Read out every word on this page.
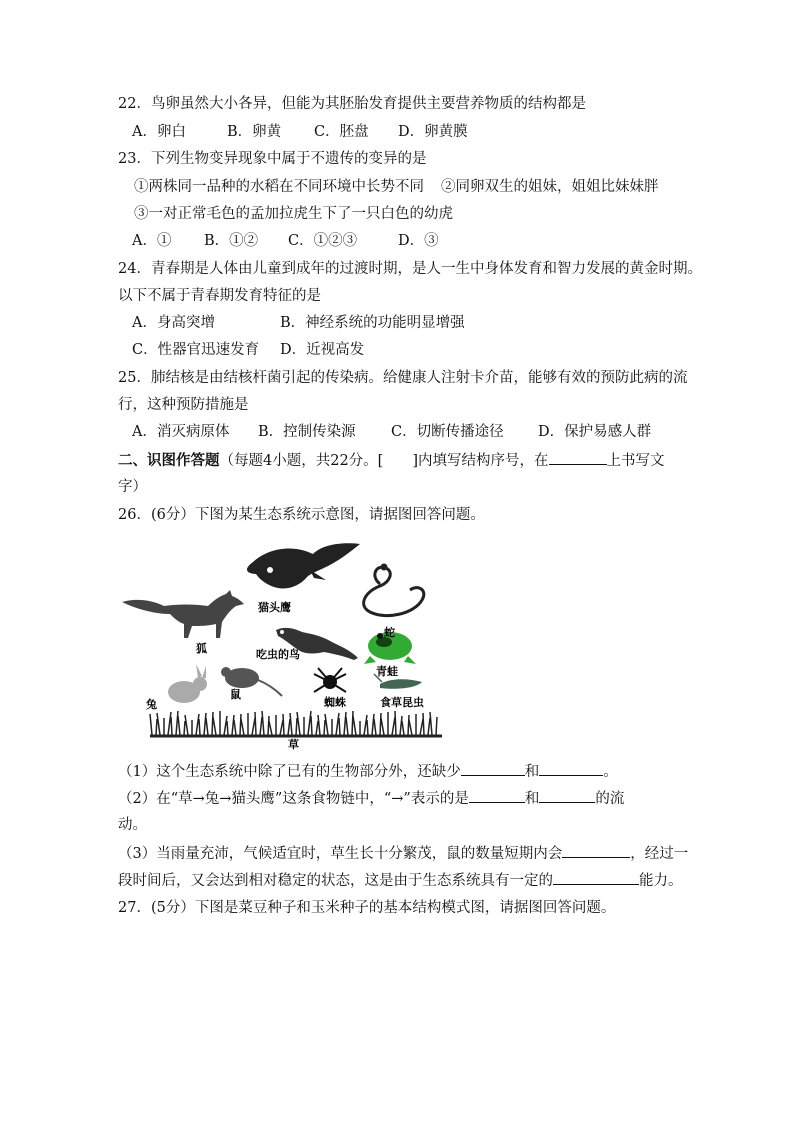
22．鸟卵虽然大小各异，但能为其胚胎发育提供主要营养物质的结构都是
A．卵白	B．卵黄 C．胚盘 D．卵黄膜
23．下列生物变异现象中属于不遗传的变异的是
①两株同一品种的水稻在不同环境中长势不同 ②同卵双生的姐妹，姐姐比妹妹胖
③一对正常毛色的孟加拉虎生下了一只白色的幼虎
A．① B．①② C．①②③	D．③
24．青春期是人体由儿童到成年的过渡时期，是人一生中身体发育和智力发展的黄金时期。
以下不属于青春期发育特征的是
A．身高突增	B．神经系统的功能明显增强
C．性器官迅速发育 D．近视高发
25．肺结核是由结核杆菌引起的传染病。给健康人注射卡介苗，能够有效的预防此病的流
行，这种预防措施是
A．消灭病原体 B．控制传染源 C．切断传播途径 D．保护易感人群
二、识图作答题（每题4小题，共22分。[　　]内填写结构序号，在	上书写文
字）
26．(6分）下图为某生态系统示意图，请据图回答问题。
猫头鹰
蛇
狐	吃虫的鸟
青蛙
兔
鼠
蜘蛛	食草昆虫
草
（1）这个生态系统中除了已有的生物部分外，还缺少	和	。
（2）在“草→兔→猫头鹰”这条食物链中，“→”表示的是	和	的流
动。
（3）当雨量充沛，气候适宜时，草生长十分繁茂，鼠的数量短期内会	，经过一
段时间后，又会达到相对稳定的状态，这是由于生态系统具有一定的	能力。
27．(5分）下图是菜豆种子和玉米种子的基本结构模式图，请据图回答问题。
